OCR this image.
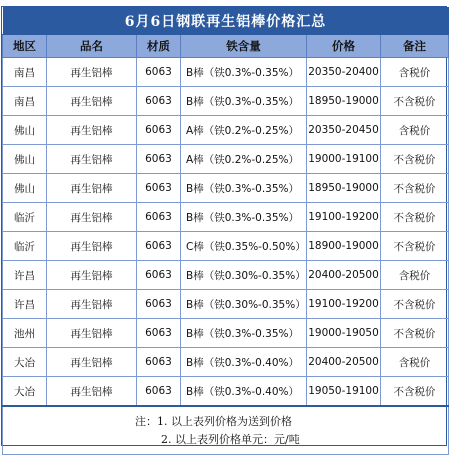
6月6日钢联再生铝棒价格汇总					
地区	品名	材质	铁含量	价格	备注
南昌	再生铝棒	6063	B棒（铁0.3%-0.35%）	20350-20400	含税价
南昌	再生铝棒	6063	B棒（铁0.3%-0.35%）	18950-19000	不含税价
佛山	再生铝棒	6063	A棒（铁0.2%-0.25%）	20350-20450	含税价
佛山	再生铝棒	6063	A棒（铁0.2%-0.25%）	19000-19100	不含税价
佛山	再生铝棒	6063	B棒（铁0.3%-0.35%）	18950-19000	不含税价
临沂	再生铝棒	6063	B棒（铁0.3%-0.35%）	19100-19200	不含税价
临沂	再生铝棒	6063	C棒（铁0.35%-0.50%）	18900-19000	不含税价
许昌	再生铝棒	6063	B棒（铁0.30%-0.35%）	20400-20500	含税价
许昌	再生铝棒	6063	B棒（铁0.30%-0.35%）	19100-19200	不含税价
池州	再生铝棒	6063	B棒（铁0.3%-0.35%）	19000-19050	不含税价
大冶	再生铝棒	6063	B棒（铁0.3%-0.40%）	20400-20500	含税价
大冶	再生铝棒	6063	B棒（铁0.3%-0.40%）	19050-19100	不含税价

注：1. 以上表列价格为送到价格
2. 以上表列价格单元：元/吨					
